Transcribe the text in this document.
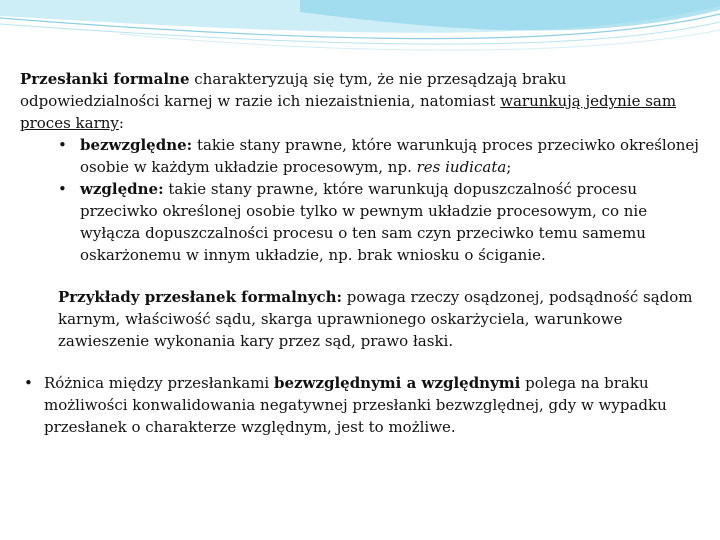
Przesłanki formalne charakteryzują się tym, że nie przesądzają braku odpowiedzialności karnej w razie ich niezaistnienia, natomiast warunkują jedynie sam proces karny:

• bezwzględne: takie stany prawne, które warunkują proces przeciwko określonej osobie w każdym układzie procesowym, np. res iudicata;
• względne: takie stany prawne, które warunkują dopuszczalność procesu przeciwko określonej osobie tylko w pewnym układzie procesowym, co nie wyłącza dopuszczalności procesu o ten sam czyn przeciwko temu samemu oskarżonemu w innym układzie, np. brak wniosku o ściganie.

Przykłady przesłanek formalnych: powaga rzeczy osądzonej, podsądność sądom karnym, właściwość sądu, skarga uprawnionego oskarżyciela, warunkowe zawieszenie wykonania kary przez sąd, prawo łaski.

• Różnica między przesłankami bezwzględnymi a względnymi polega na braku możliwości konwalidowania negatywnej przesłanki bezwzględnej, gdy w wypadku przesłanek o charakterze względnym, jest to możliwe.
